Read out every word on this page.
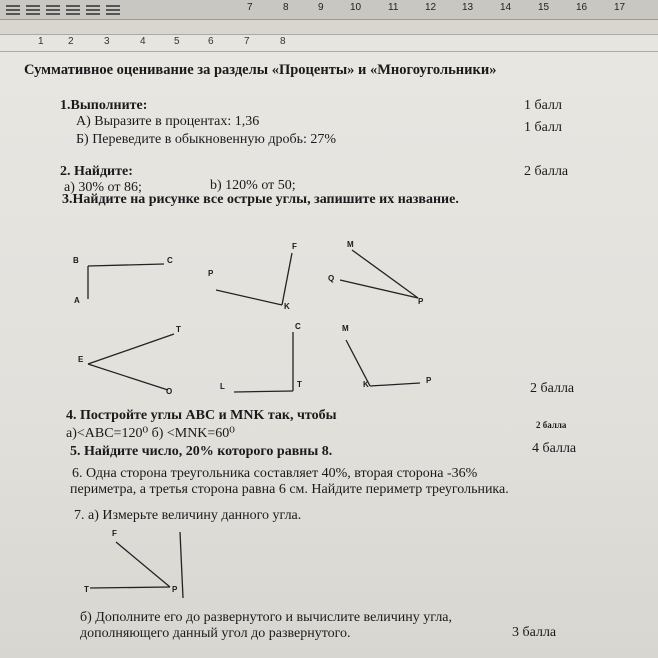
7	8	9	10	11	12	13	14	15	16	17
1 2	3	4	5	6	7	8
Суммативное оценивание за разделы «Проценты» и «Многоугольники»
1.Выполните:
А) Выразите в процентах: 1,36
Б) Переведите в обыкновенную дробь: 27%
1 балл
1 балл
2. Найдите:
а) 30% от 86;	b) 120% от 50;
2 балла
3.Найдите на рисунке все острые углы, запишите их название.
B	C
A
F
P
K
M
Q
P
T
E
O
C
L	T
M
K	P
2 балла
4. Постройте углы АВС и МNK так, чтобы
а)<ABC=120⁰ б) <MNK=60⁰
2 балла
5. Найдите число, 20% которого равны 8.	4 балла
6. Одна сторона треугольника составляет 40%, вторая сторона -36%
периметра, а третья сторона равна 6 см. Найдите периметр треугольника.
7. а) Измерьте величину данного угла.
F
T	P
б) Дополните его до развернутого и вычислите величину угла,
дополняющего данный угол до развернутого.	3 балла
